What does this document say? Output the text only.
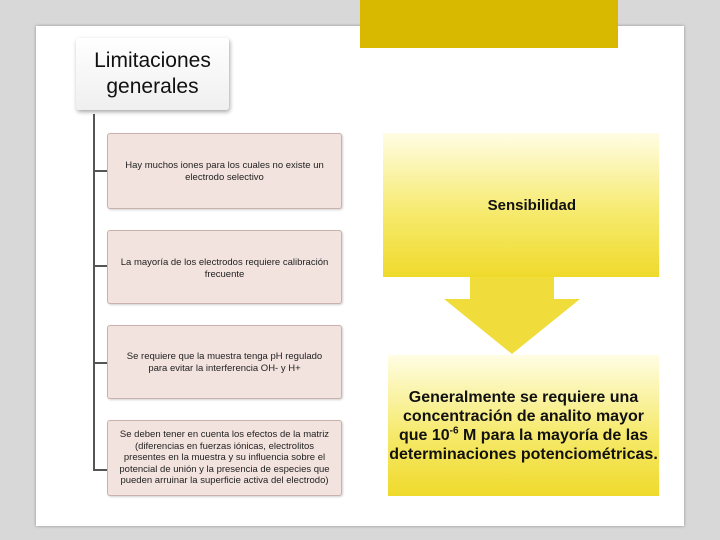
Limitaciones generales
Hay muchos iones para los cuales no existe un electrodo selectivo
La mayoría de los electrodos requiere calibración frecuente
Se requiere que la muestra tenga pH regulado para evitar la interferencia OH- y H+
Se deben tener en cuenta los efectos de la matriz (diferencias en fuerzas iónicas, electrolitos presentes en la muestra y su influencia sobre el potencial de unión y la presencia de especies que pueden arruinar la superficie activa del electrodo)
Sensibilidad
Generalmente se requiere una concentración de analito mayor que $10^{-6}$ M para la mayoría de las determinaciones potenciométricas.
